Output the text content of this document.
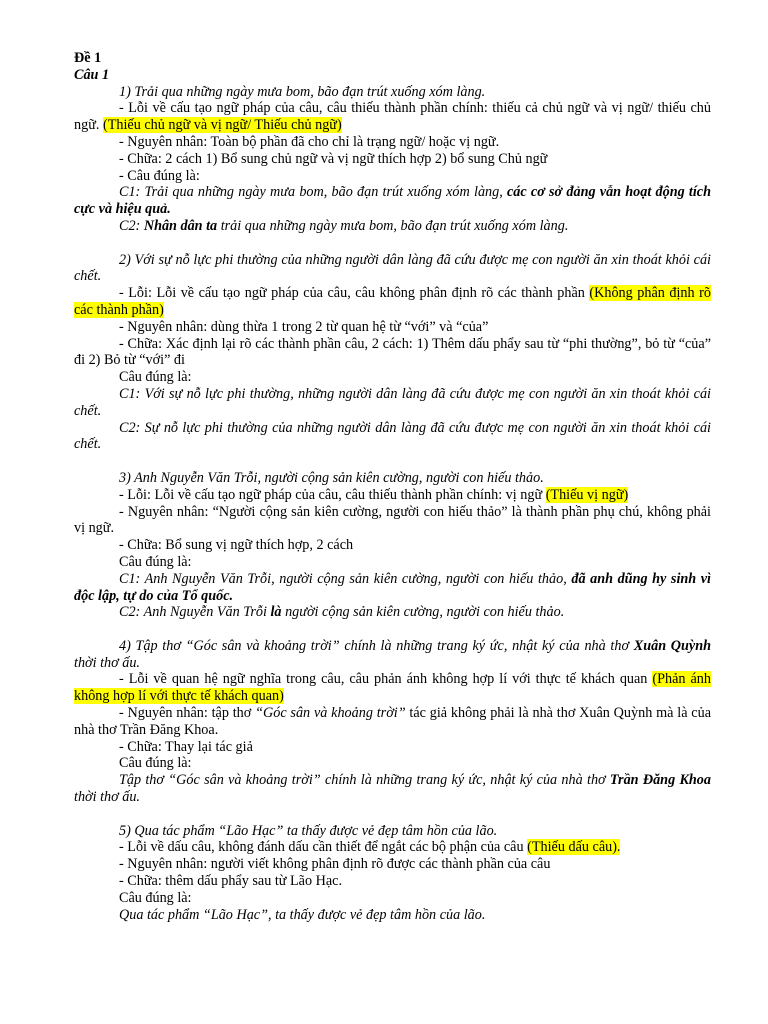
Đề 1

Câu 1

1) Trải qua những ngày mưa bom, bão đạn trút xuống xóm làng.

- Lỗi về cấu tạo ngữ pháp của câu, câu thiếu thành phần chính: thiếu cả chủ ngữ và vị ngữ/ thiếu chủ ngữ. (Thiếu chủ ngữ và vị ngữ/ Thiếu chủ ngữ)

- Nguyên nhân: Toàn bộ phần đã cho chỉ là trạng ngữ/ hoặc vị ngữ.

- Chữa: 2 cách 1) Bổ sung chủ ngữ và vị ngữ thích hợp 2) bổ sung Chủ ngữ

- Câu đúng là:

C1: Trải qua những ngày mưa bom, bão đạn trút xuống xóm làng, các cơ sở đảng vẫn hoạt động tích cực và hiệu quả.

C2: Nhân dân ta trải qua những ngày mưa bom, bão đạn trút xuống xóm làng.

2) Với sự nỗ lực phi thường của những người dân làng đã cứu được mẹ con người ăn xin thoát khỏi cái chết.

- Lỗi: Lỗi về cấu tạo ngữ pháp của câu, câu không phân định rõ các thành phần (Không phân định rõ các thành phần)

- Nguyên nhân: dùng thừa 1 trong 2 từ quan hệ từ “với” và “của”

- Chữa: Xác định lại rõ các thành phần câu, 2 cách: 1) Thêm dấu phẩy sau từ “phi thường”, bỏ từ “của” đi 2) Bỏ từ “với” đi

Câu đúng là:

C1: Với sự nỗ lực phi thường, những người dân làng đã cứu được mẹ con người ăn xin thoát khỏi cái chết.

C2: Sự nỗ lực phi thường của những người dân làng đã cứu được mẹ con người ăn xin thoát khỏi cái chết.

3) Anh Nguyễn Văn Trỗi, người cộng sản kiên cường, người con hiếu thảo.

- Lỗi: Lỗi về cấu tạo ngữ pháp của câu, câu thiếu thành phần chính: vị ngữ (Thiếu vị ngữ)

- Nguyên nhân: “Người cộng sản kiên cường, người con hiếu thảo” là thành phần phụ chú, không phải vị ngữ.

- Chữa: Bổ sung vị ngữ thích hợp, 2 cách

Câu đúng là:

C1: Anh Nguyễn Văn Trỗi, người cộng sản kiên cường, người con hiếu thảo, đã anh dũng hy sinh vì độc lập, tự do của Tổ quốc.

C2: Anh Nguyễn Văn Trỗi là người cộng sản kiên cường, người con hiếu thảo.

4) Tập thơ “Góc sân và khoảng trời” chính là những trang ký ức, nhật ký của nhà thơ Xuân Quỳnh thời thơ ấu.

- Lỗi về quan hệ ngữ nghĩa trong câu, câu phản ánh không hợp lí với thực tế khách quan (Phản ánh không hợp lí với thực tế khách quan)

- Nguyên nhân: tập thơ “Góc sân và khoảng trời” tác giả không phải là nhà thơ Xuân Quỳnh mà là của nhà thơ Trần Đăng Khoa.

- Chữa: Thay lại tác giả

Câu đúng là:

Tập thơ “Góc sân và khoảng trời” chính là những trang ký ức, nhật ký của nhà thơ Trần Đăng Khoa thời thơ ấu.

5) Qua tác phẩm “Lão Hạc” ta thấy được vẻ đẹp tâm hồn của lão.

- Lỗi về dấu câu, không đánh dấu cần thiết để ngắt các bộ phận của câu (Thiếu dấu câu).

- Nguyên nhân: người viết không phân định rõ được các thành phần của câu

- Chữa: thêm dấu phẩy sau từ Lão Hạc.

Câu đúng là:

Qua tác phẩm “Lão Hạc”, ta thấy được vẻ đẹp tâm hồn của lão.
